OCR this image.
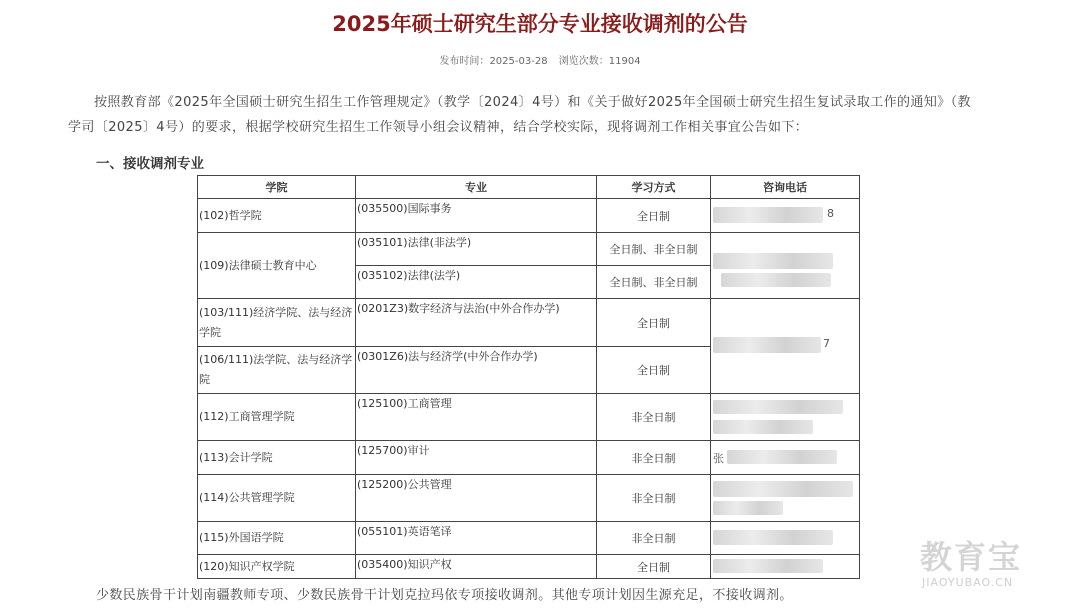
2025年硕士研究生部分专业接收调剂的公告
发布时间：2025-03-28 浏览次数：11904

按照教育部《2025年全国硕士研究生招生工作管理规定》（教学〔2024〕4号）和《关于做好2025年全国硕士研究生招生复试录取工作的通知》（教学司〔2025〕4号）的要求，根据学校研究生招生工作领导小组会议精神，结合学校实际，现将调剂工作相关事宜公告如下：

一、接收调剂专业

学院	专业	学习方式	咨询电话
(102)哲学院	(035500)国际事务	全日制	8

(109)法律硕士教育中心	(035101)法律(非法学)	全日制、非全日制	

	(035102)法律(法学)	全日制、非全日制	
(103/111)经济学院、法与经济学院	(0201Z3)数字经济与法治(中外合作办学)	全日制	7

(106/111)法学院、法与经济学院	(0301Z6)法与经济学(中外合作办学)	全日制	
(112)工商管理学院	(125100)工商管理	非全日制	

(113)会计学院	(125700)审计	非全日制	张

(114)公共管理学院	(125200)公共管理	非全日制	

(115)外国语学院	(055101)英语笔译	非全日制	

(120)知识产权学院	(035400)知识产权	全日制	

少数民族骨干计划南疆教师专项、少数民族骨干计划克拉玛依专项接收调剂。其他专项计划因生源充足，不接收调剂。

教育宝
JIAOYUBAO.CN
